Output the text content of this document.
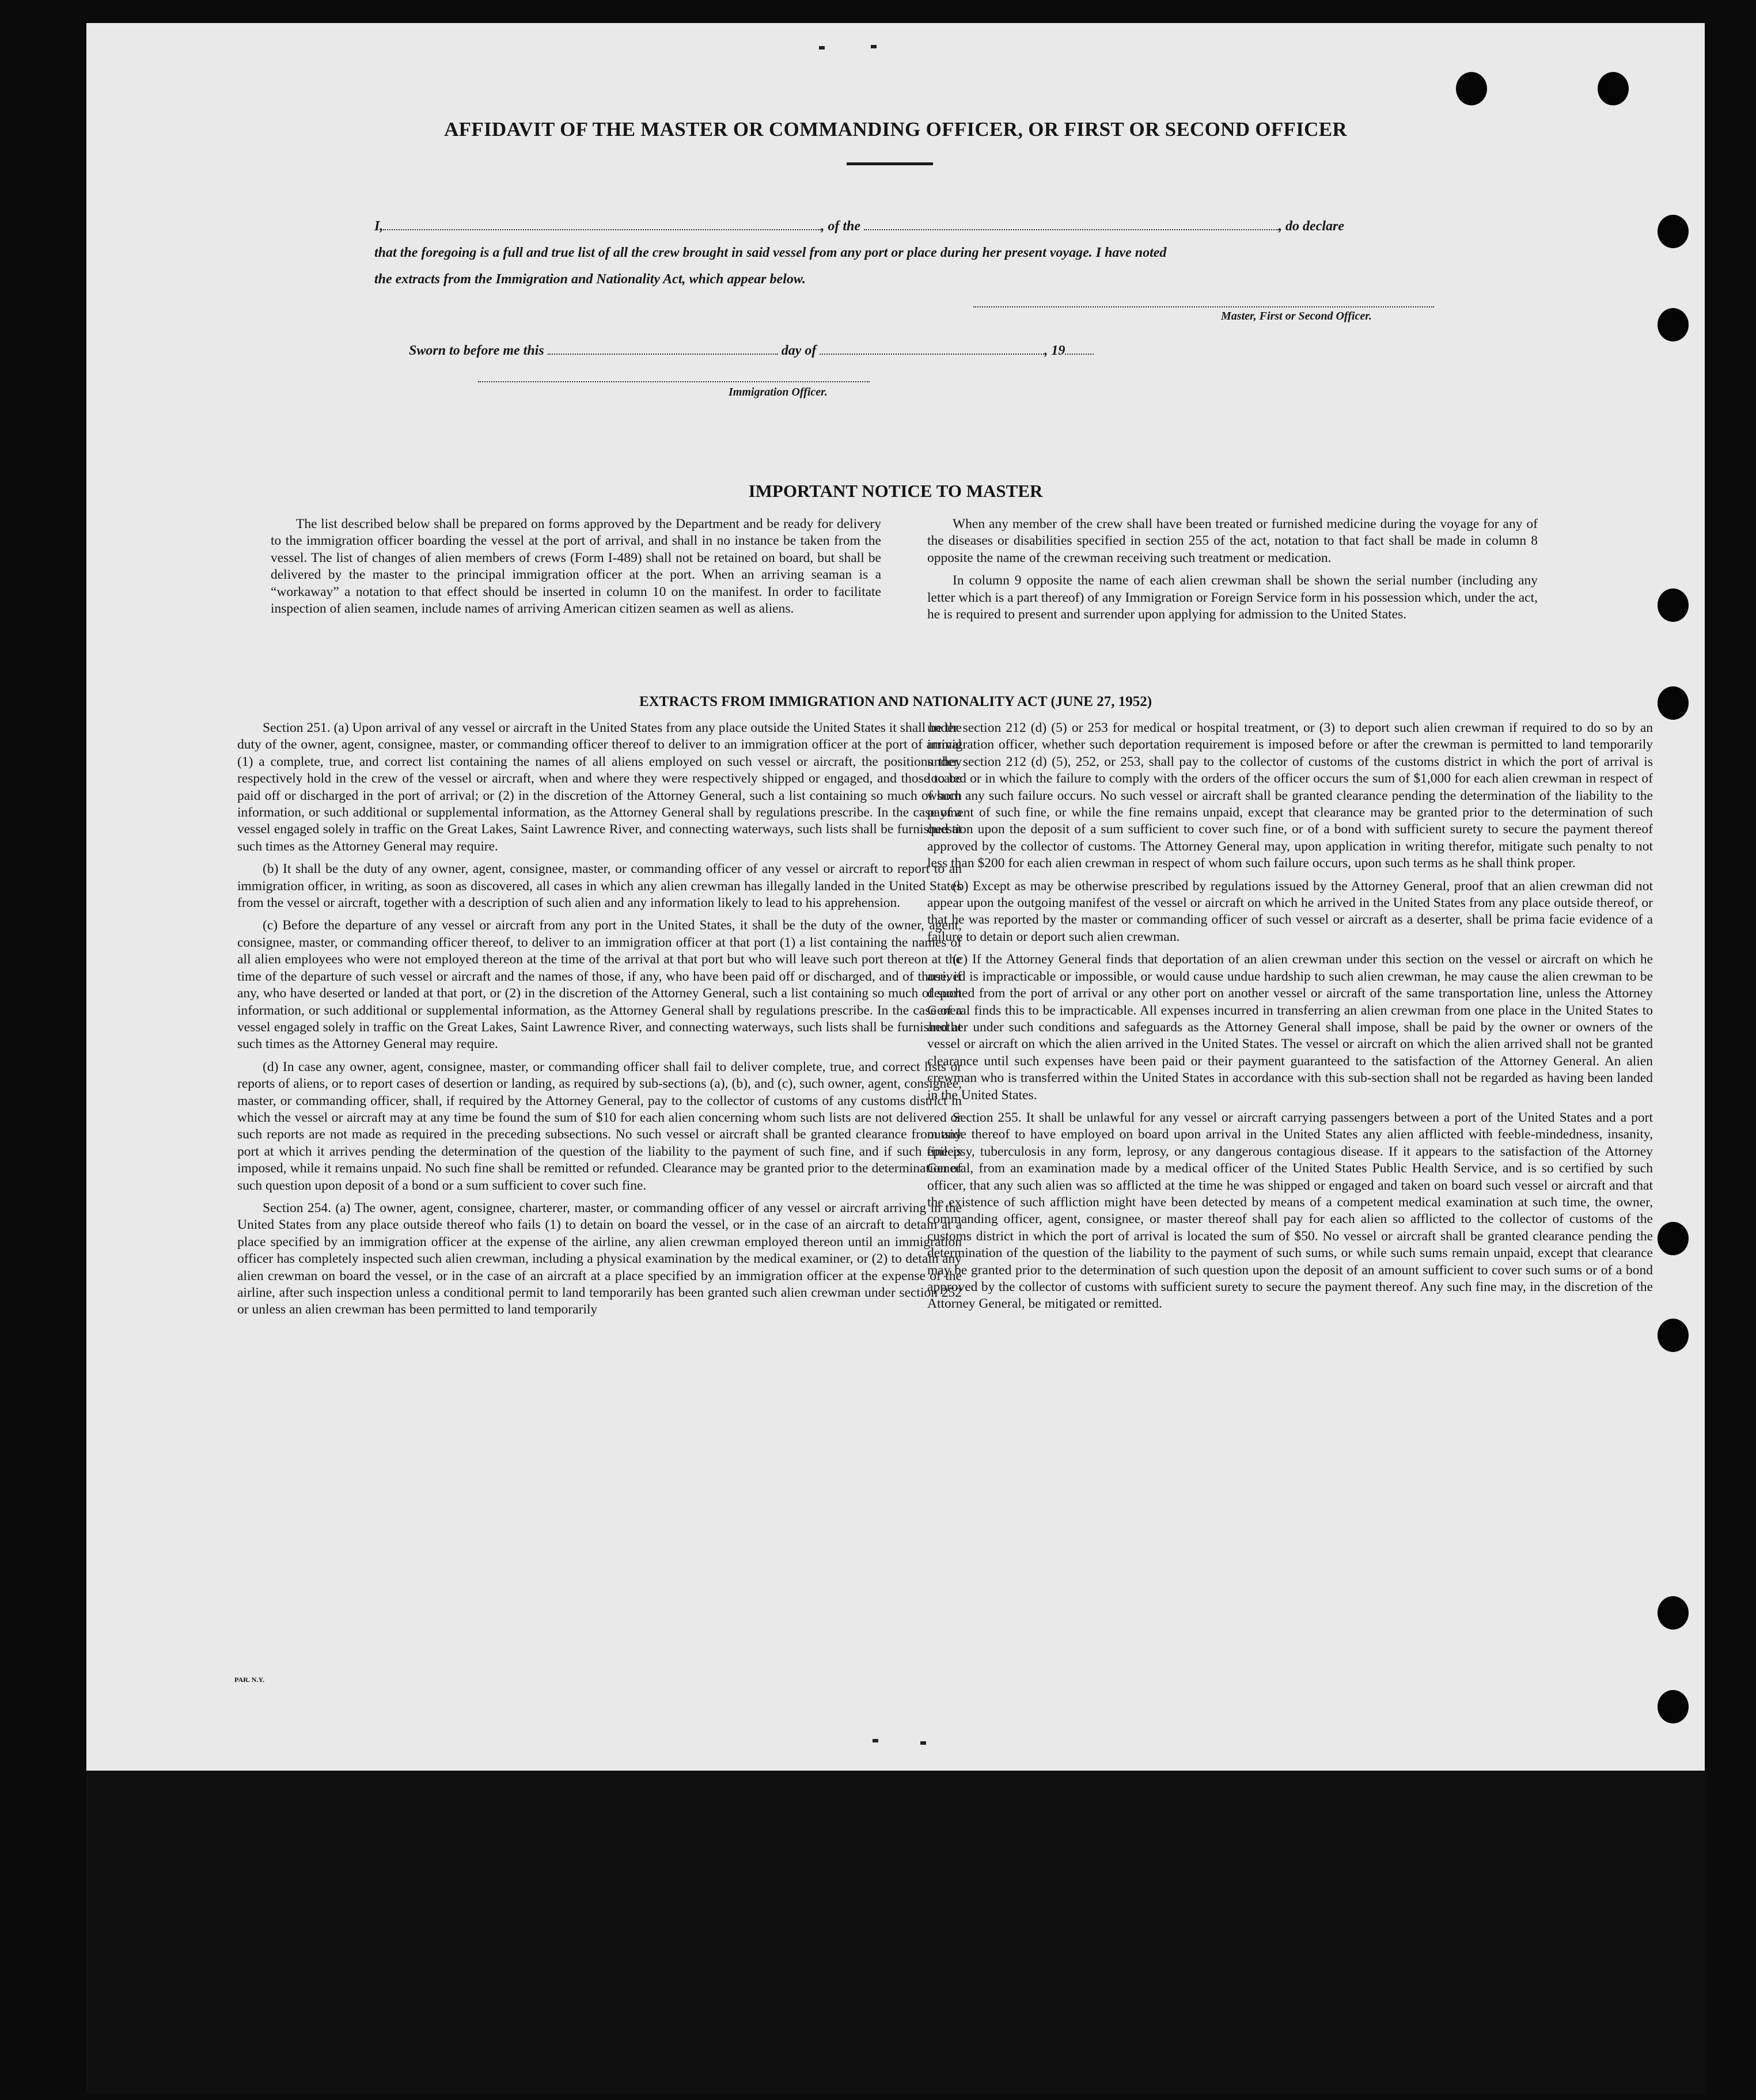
AFFIDAVIT OF THE MASTER OR COMMANDING OFFICER, OR FIRST OR SECOND OFFICER
I,	, of the	, do declare
that the foregoing is a full and true list of all the crew brought in said vessel from any port or place during her present voyage. I have noted
the extracts from the Immigration and Nationality Act, which appear below.
Master, First or Second Officer.
Sworn to before me this	day of	, 19
Immigration Officer.
IMPORTANT NOTICE TO MASTER

The list described below shall be prepared on forms approved by the Department and be ready for delivery to the immigration officer boarding the vessel at the port of arrival, and shall in no instance be taken from the vessel. The list of changes of alien members of crews (Form I-489) shall not be retained on board, but shall be delivered by the master to the principal immigration officer at the port. When an arriving seaman is a “workaway” a notation to that effect should be inserted in column 10 on the manifest. In order to facilitate inspection of alien seamen, include names of arriving American citizen seamen as well as aliens.

When any member of the crew shall have been treated or furnished medicine during the voyage for any of the diseases or disabilities specified in section 255 of the act, notation to that fact shall be made in column 8 opposite the name of the crewman receiving such treatment or medication.

In column 9 opposite the name of each alien crewman shall be shown the serial number (including any letter which is a part thereof) of any Immigration or Foreign Service form in his possession which, under the act, he is required to present and surrender upon applying for admission to the United States.

EXTRACTS FROM IMMIGRATION AND NATIONALITY ACT (JUNE 27, 1952)

Section 251. (a) Upon arrival of any vessel or aircraft in the United States from any place outside the United States it shall be the duty of the owner, agent, consignee, master, or commanding officer thereof to deliver to an immigration officer at the port of arrival (1) a complete, true, and correct list containing the names of all aliens employed on such vessel or aircraft, the positions they respectively hold in the crew of the vessel or aircraft, when and where they were respectively shipped or engaged, and those to be paid off or discharged in the port of arrival; or (2) in the discretion of the Attorney General, such a list containing so much of such information, or such additional or supplemental information, as the Attorney General shall by regulations prescribe. In the case of a vessel engaged solely in traffic on the Great Lakes, Saint Lawrence River, and connecting waterways, such lists shall be furnished at such times as the Attorney General may require.

(b) It shall be the duty of any owner, agent, consignee, master, or commanding officer of any vessel or aircraft to report to an immigration officer, in writing, as soon as discovered, all cases in which any alien crewman has illegally landed in the United States from the vessel or aircraft, together with a description of such alien and any information likely to lead to his apprehension.

(c) Before the departure of any vessel or aircraft from any port in the United States, it shall be the duty of the owner, agent, consignee, master, or commanding officer thereof, to deliver to an immigration officer at that port (1) a list containing the names of all alien employees who were not employed thereon at the time of the arrival at that port but who will leave such port thereon at the time of the departure of such vessel or aircraft and the names of those, if any, who have been paid off or discharged, and of those, if any, who have deserted or landed at that port, or (2) in the discretion of the Attorney General, such a list containing so much of such information, or such additional or supplemental information, as the Attorney General shall by regulations prescribe. In the case of a vessel engaged solely in traffic on the Great Lakes, Saint Lawrence River, and connecting waterways, such lists shall be furnished at such times as the Attorney General may require.

(d) In case any owner, agent, consignee, master, or commanding officer shall fail to deliver complete, true, and correct lists or reports of aliens, or to report cases of desertion or landing, as required by sub-sections (a), (b), and (c), such owner, agent, consignee, master, or commanding officer, shall, if required by the Attorney General, pay to the collector of customs of any customs district in which the vessel or aircraft may at any time be found the sum of $10 for each alien concerning whom such lists are not delivered or such reports are not made as required in the preceding subsections. No such vessel or aircraft shall be granted clearance from any port at which it arrives pending the determination of the question of the liability to the payment of such fine, and if such fine is imposed, while it remains unpaid. No such fine shall be remitted or refunded. Clearance may be granted prior to the determination of such question upon deposit of a bond or a sum sufficient to cover such fine.

Section 254. (a) The owner, agent, consignee, charterer, master, or commanding officer of any vessel or aircraft arriving in the United States from any place outside thereof who fails (1) to detain on board the vessel, or in the case of an aircraft to detain at a place specified by an immigration officer at the expense of the airline, any alien crewman employed thereon until an immigration officer has completely inspected such alien crewman, including a physical examination by the medical examiner, or (2) to detain any alien crewman on board the vessel, or in the case of an aircraft at a place specified by an immigration officer at the expense of the airline, after such inspection unless a conditional permit to land temporarily has been granted such alien crewman under section 252 or unless an alien crewman has been permitted to land temporarily

under section 212 (d) (5) or 253 for medical or hospital treatment, or (3) to deport such alien crewman if required to do so by an immigration officer, whether such deportation requirement is imposed before or after the crewman is permitted to land temporarily under section 212 (d) (5), 252, or 253, shall pay to the collector of customs of the customs district in which the port of arrival is located or in which the failure to comply with the orders of the officer occurs the sum of $1,000 for each alien crewman in respect of whom any such failure occurs. No such vessel or aircraft shall be granted clearance pending the determination of the liability to the payment of such fine, or while the fine remains unpaid, except that clearance may be granted prior to the determination of such question upon the deposit of a sum sufficient to cover such fine, or of a bond with sufficient surety to secure the payment thereof approved by the collector of customs. The Attorney General may, upon application in writing therefor, mitigate such penalty to not less than $200 for each alien crewman in respect of whom such failure occurs, upon such terms as he shall think proper.

(b) Except as may be otherwise prescribed by regulations issued by the Attorney General, proof that an alien crewman did not appear upon the outgoing manifest of the vessel or aircraft on which he arrived in the United States from any place outside thereof, or that he was reported by the master or commanding officer of such vessel or aircraft as a deserter, shall be prima facie evidence of a failure to detain or deport such alien crewman.

(c) If the Attorney General finds that deportation of an alien crewman under this section on the vessel or aircraft on which he arrived is impracticable or impossible, or would cause undue hardship to such alien crewman, he may cause the alien crewman to be deported from the port of arrival or any other port on another vessel or aircraft of the same transportation line, unless the Attorney General finds this to be impracticable. All expenses incurred in transferring an alien crewman from one place in the United States to another under such conditions and safeguards as the Attorney General shall impose, shall be paid by the owner or owners of the vessel or aircraft on which the alien arrived in the United States. The vessel or aircraft on which the alien arrived shall not be granted clearance until such expenses have been paid or their payment guaranteed to the satisfaction of the Attorney General. An alien crewman who is transferred within the United States in accordance with this sub-section shall not be regarded as having been landed in the United States.

Section 255. It shall be unlawful for any vessel or aircraft carrying passengers between a port of the United States and a port outside thereof to have employed on board upon arrival in the United States any alien afflicted with feeble-mindedness, insanity, epilepsy, tuberculosis in any form, leprosy, or any dangerous contagious disease. If it appears to the satisfaction of the Attorney General, from an examination made by a medical officer of the United States Public Health Service, and is so certified by such officer, that any such alien was so afflicted at the time he was shipped or engaged and taken on board such vessel or aircraft and that the existence of such affliction might have been detected by means of a competent medical examination at such time, the owner, commanding officer, agent, consignee, or master thereof shall pay for each alien so afflicted to the collector of customs of the customs district in which the port of arrival is located the sum of $50. No vessel or aircraft shall be granted clearance pending the determination of the question of the liability to the payment of such sums, or while such sums remain unpaid, except that clearance may be granted prior to the determination of such question upon the deposit of an amount sufficient to cover such sums or of a bond approved by the collector of customs with sufficient surety to secure the payment thereof. Any such fine may, in the discretion of the Attorney General, be mitigated or remitted.

PAR. N.Y.
